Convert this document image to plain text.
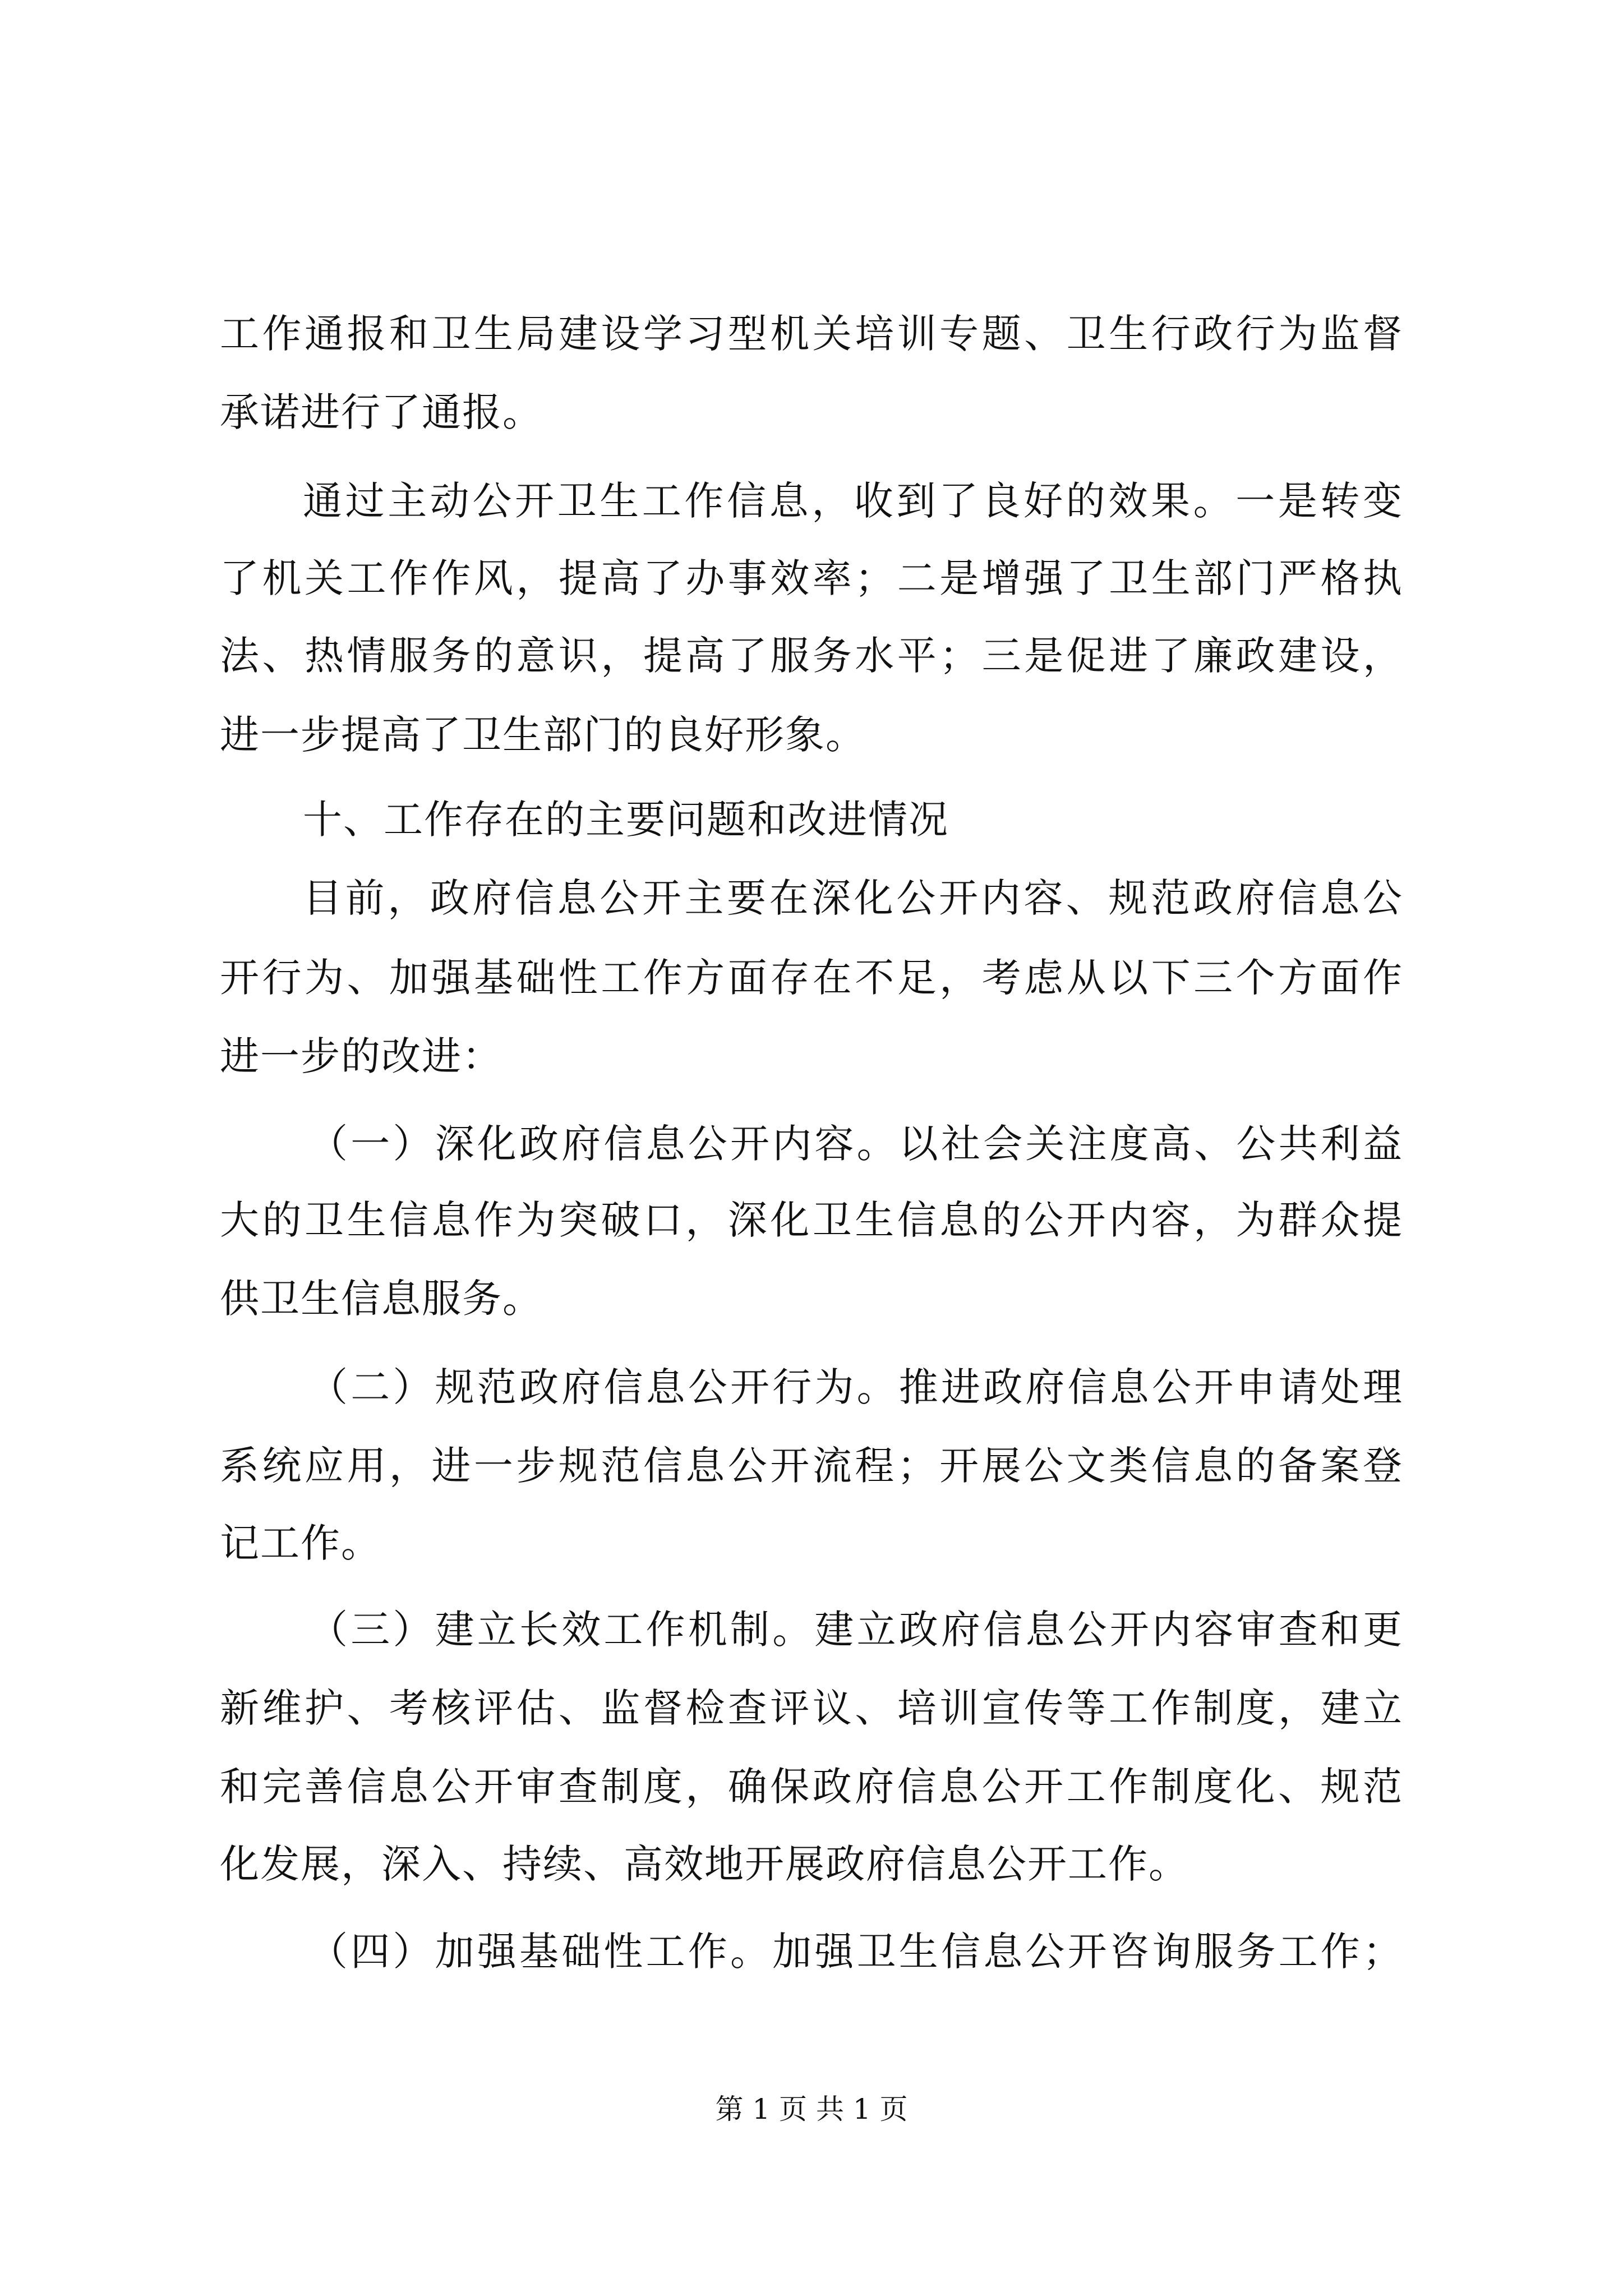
工作通报和卫生局建设学习型机关培训专题、卫生行政行为监督
承诺进行了通报。
通过主动公开卫生工作信息，收到了良好的效果。一是转变
了机关工作作风，提高了办事效率；二是增强了卫生部门严格执
法、热情服务的意识，提高了服务水平；三是促进了廉政建设，
进一步提高了卫生部门的良好形象。
十、工作存在的主要问题和改进情况
目前，政府信息公开主要在深化公开内容、规范政府信息公
开行为、加强基础性工作方面存在不足，考虑从以下三个方面作
进一步的改进：
（一）深化政府信息公开内容。以社会关注度高、公共利益
大的卫生信息作为突破口，深化卫生信息的公开内容，为群众提
供卫生信息服务。
（二）规范政府信息公开行为。推进政府信息公开申请处理
系统应用，进一步规范信息公开流程；开展公文类信息的备案登
记工作。
（三）建立长效工作机制。建立政府信息公开内容审查和更
新维护、考核评估、监督检查评议、培训宣传等工作制度，建立
和完善信息公开审查制度，确保政府信息公开工作制度化、规范
化发展，深入、持续、高效地开展政府信息公开工作。
（四）加强基础性工作。加强卫生信息公开咨询服务工作；
第 1 页 共 1 页
